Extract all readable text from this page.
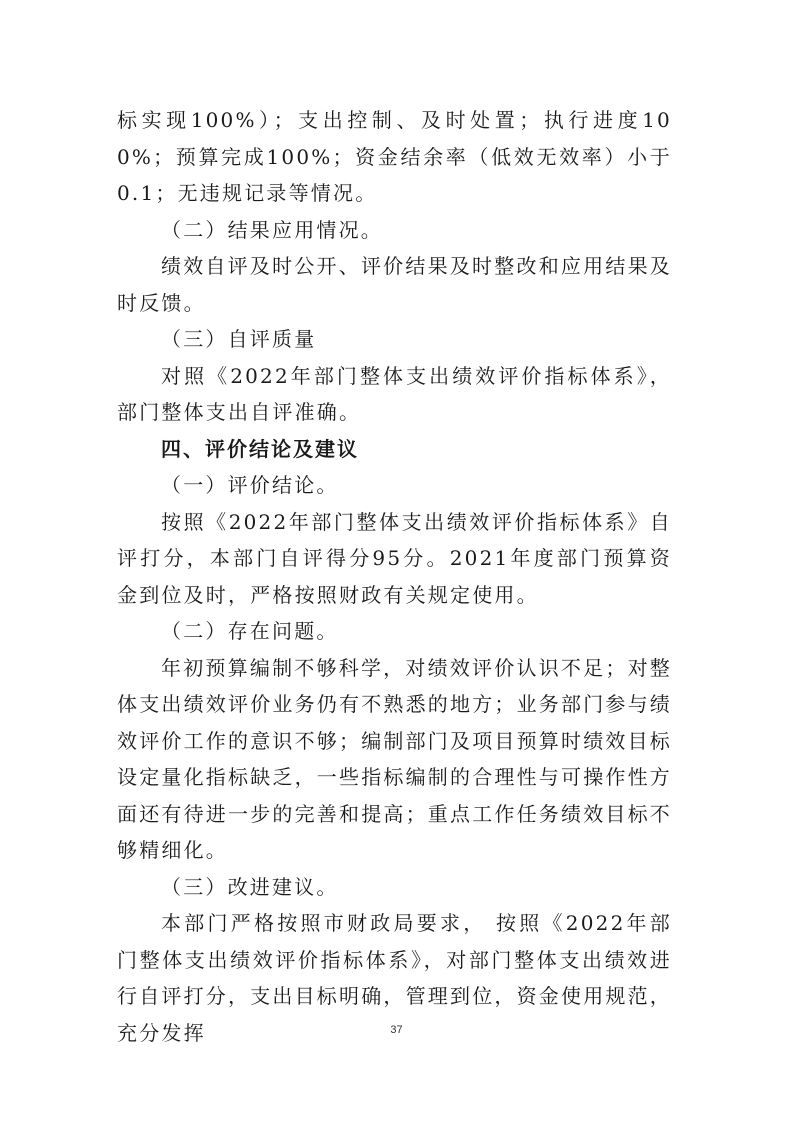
标实现100%）；支出控制、及时处置；执行进度100%；预算完成100%；资金结余率（低效无效率）小于0.1；无违规记录等情况。

（二）结果应用情况。

绩效自评及时公开、评价结果及时整改和应用结果及时反馈。

（三）自评质量

对照《2022年部门整体支出绩效评价指标体系》，部门整体支出自评准确。

四、评价结论及建议

（一）评价结论。

按照《2022年部门整体支出绩效评价指标体系》自评打分，本部门自评得分95分。2021年度部门预算资金到位及时，严格按照财政有关规定使用。

（二）存在问题。

年初预算编制不够科学，对绩效评价认识不足；对整体支出绩效评价业务仍有不熟悉的地方；业务部门参与绩效评价工作的意识不够；编制部门及项目预算时绩效目标设定量化指标缺乏，一些指标编制的合理性与可操作性方面还有待进一步的完善和提高；重点工作任务绩效目标不够精细化。

（三）改进建议。

本部门严格按照市财政局要求， 按照《2022年部门整体支出绩效评价指标体系》，对部门整体支出绩效进行自评打分，支出目标明确，管理到位，资金使用规范，充分发挥	37
